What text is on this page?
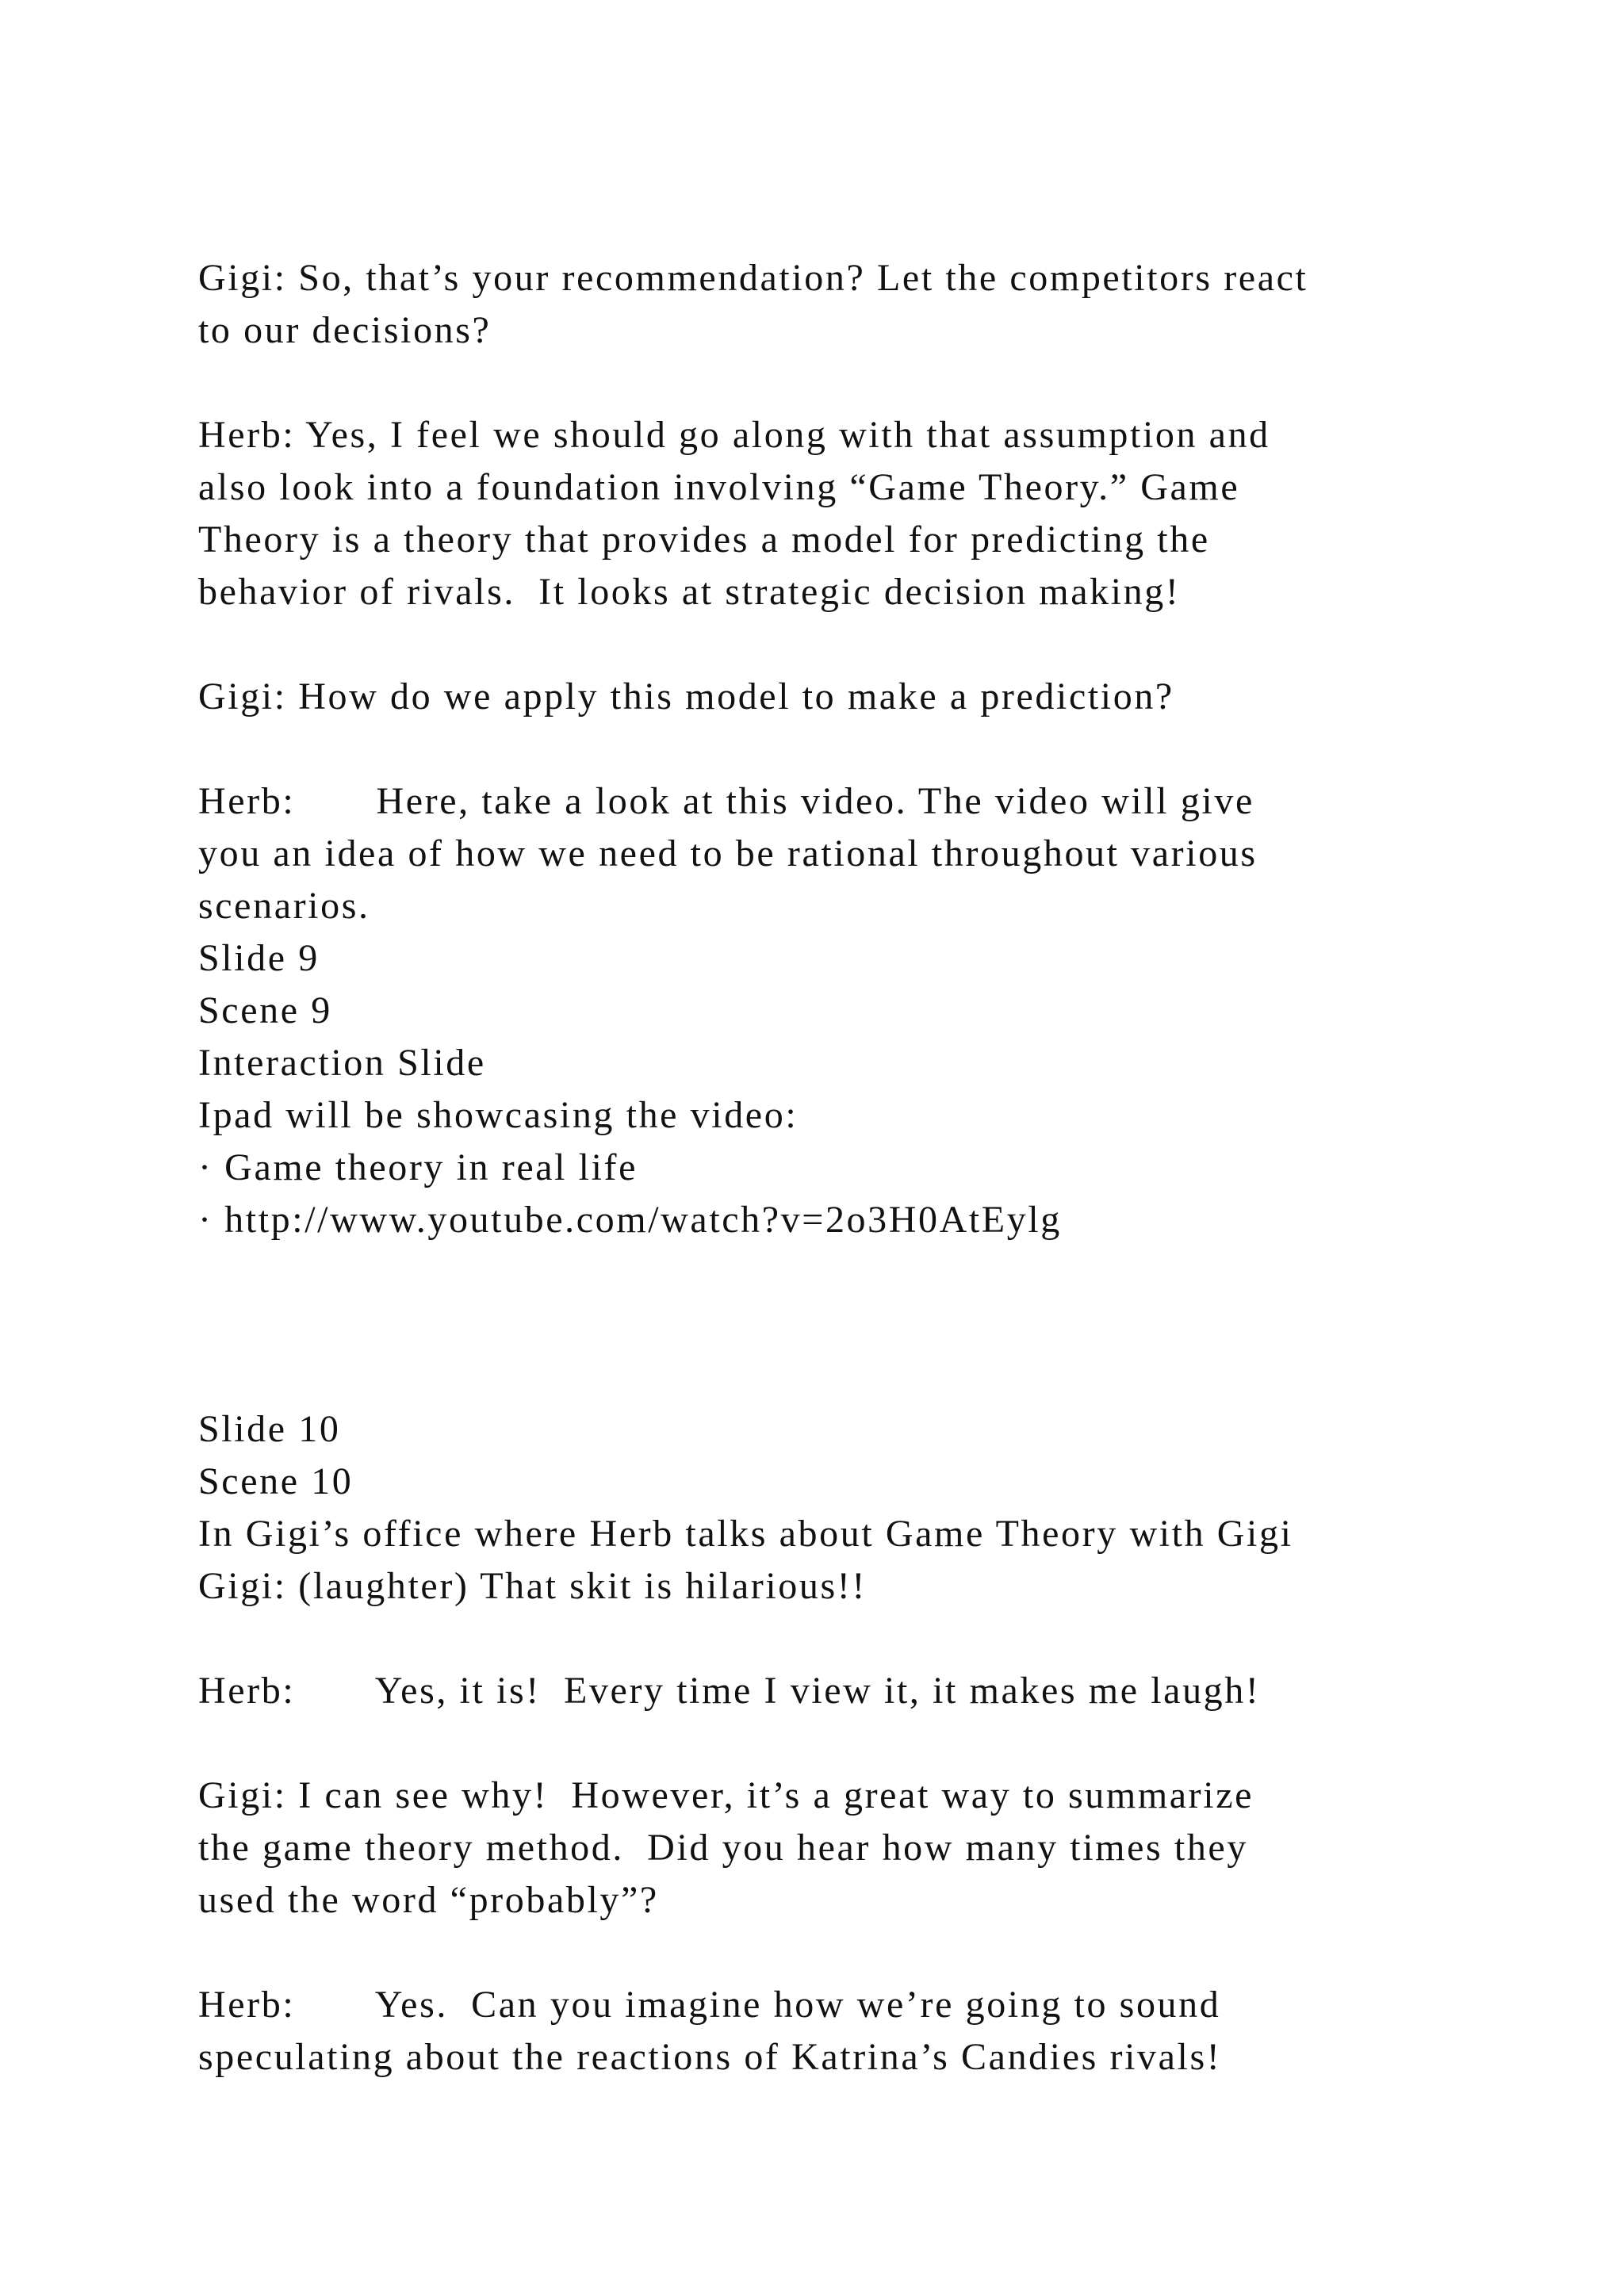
Gigi: So, that’s your recommendation? Let the competitors react

to our decisions?

Herb: Yes, I feel we should go along with that assumption and

also look into a foundation involving “Game Theory.” Game

Theory is a theory that provides a model for predicting the

behavior of rivals.  It looks at strategic decision making!

Gigi: How do we apply this model to make a prediction?

Herb:       Here, take a look at this video. The video will give

you an idea of how we need to be rational throughout various

scenarios.

Slide 9

Scene 9

Interaction Slide

Ipad will be showcasing the video:

· Game theory in real life

· http://www.youtube.com/watch?v=2o3H0AtEylg

Slide 10

Scene 10

In Gigi’s office where Herb talks about Game Theory with Gigi

Gigi: (laughter) That skit is hilarious!!

Herb:       Yes, it is!  Every time I view it, it makes me laugh!

Gigi: I can see why!  However, it’s a great way to summarize

the game theory method.  Did you hear how many times they

used the word “probably”?

Herb:       Yes.  Can you imagine how we’re going to sound

speculating about the reactions of Katrina’s Candies rivals!
